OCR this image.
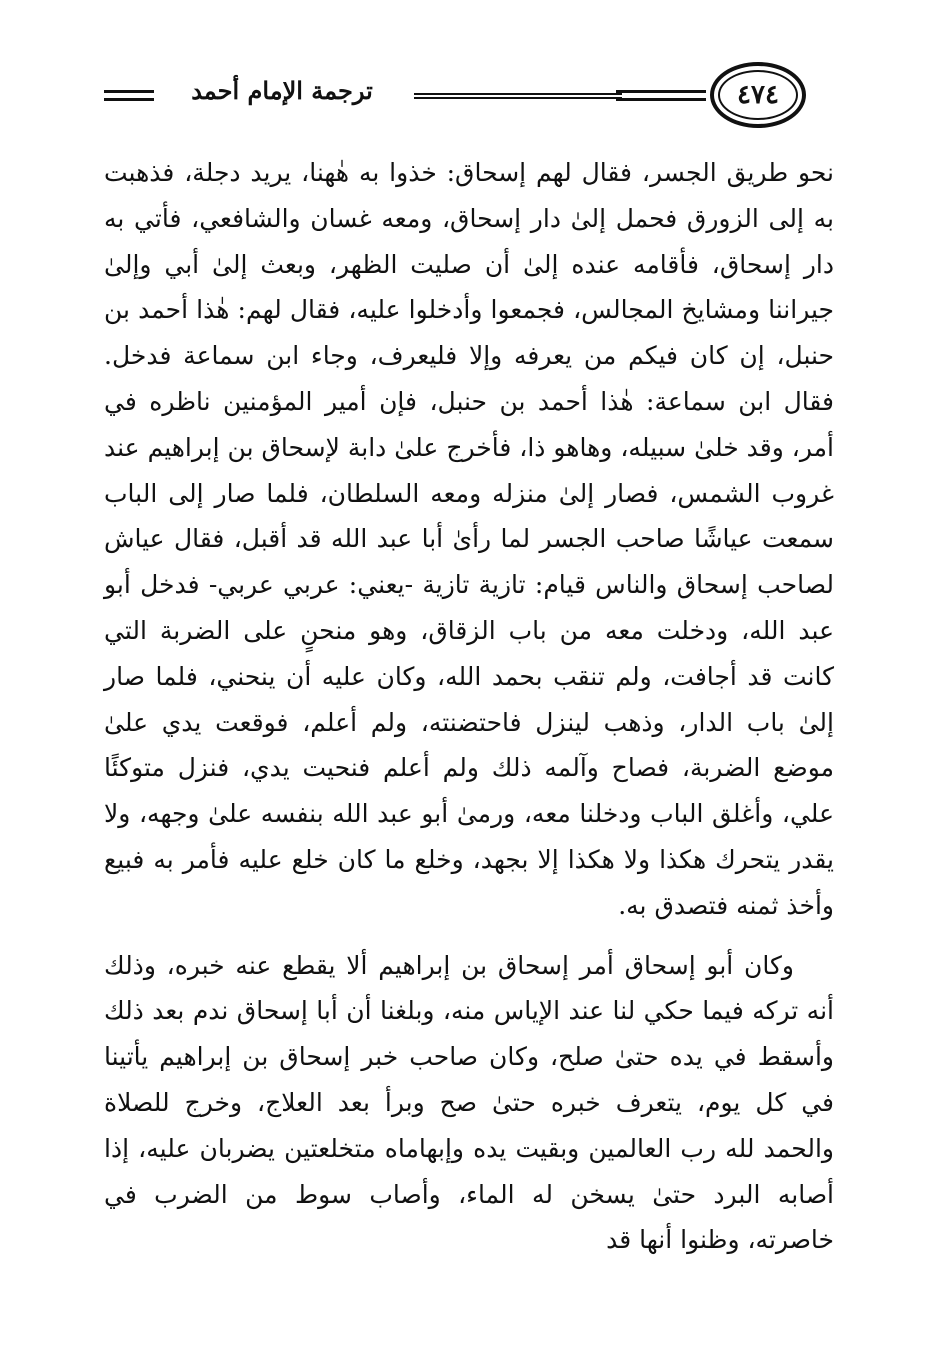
ترجمة الإمام أحمد	٤٧٤

نحو طريق الجسر، فقال لهم إسحاق: خذوا به هٰهنا، يريد دجلة، فذهبت به إلى الزورق فحمل إلىٰ دار إسحاق، ومعه غسان والشافعي، فأتي به دار إسحاق، فأقامه عنده إلىٰ أن صليت الظهر، وبعث إلىٰ أبي وإلىٰ جيراننا ومشايخ المجالس، فجمعوا وأدخلوا عليه، فقال لهم: هٰذا أحمد بن حنبل، إن كان فيكم من يعرفه وإلا فليعرف، وجاء ابن سماعة فدخل. فقال ابن سماعة: هٰذا أحمد بن حنبل، فإن أمير المؤمنين ناظره في أمر، وقد خلىٰ سبيله، وهاهو ذا، فأخرج علىٰ دابة لإسحاق بن إبراهيم عند غروب الشمس، فصار إلىٰ منزله ومعه السلطان، فلما صار إلى الباب سمعت عياشًا صاحب الجسر لما رأىٰ أبا عبد الله قد أقبل، فقال عياش لصاحب إسحاق والناس قيام: تازية تازية -يعني: عربي عربي- فدخل أبو عبد الله، ودخلت معه من باب الزقاق، وهو منحنٍ على الضربة التي كانت قد أجافت، ولم تنقب بحمد الله، وكان عليه أن ينحني، فلما صار إلىٰ باب الدار، وذهب لينزل فاحتضنته، ولم أعلم، فوقعت يدي علىٰ موضع الضربة، فصاح وآلمه ذلك ولم أعلم فنحيت يدي، فنزل متوكئًا علي، وأغلق الباب ودخلنا معه، ورمىٰ أبو عبد الله بنفسه علىٰ وجهه، ولا يقدر يتحرك هكذا ولا هكذا إلا بجهد، وخلع ما كان خلع عليه فأمر به فبيع وأخذ ثمنه فتصدق به.

وكان أبو إسحاق أمر إسحاق بن إبراهيم ألا يقطع عنه خبره، وذلك أنه تركه فيما حكي لنا عند الإياس منه، وبلغنا أن أبا إسحاق ندم بعد ذلك وأسقط في يده حتىٰ صلح، وكان صاحب خبر إسحاق بن إبراهيم يأتينا في كل يوم، يتعرف خبره حتىٰ صح وبرأ بعد العلاج، وخرج للصلاة والحمد لله رب العالمين وبقيت يده وإبهاماه متخلعتين يضربان عليه، إذا أصابه البرد حتىٰ يسخن له الماء، وأصاب سوط من الضرب في خاصرته، وظنوا أنها قد
